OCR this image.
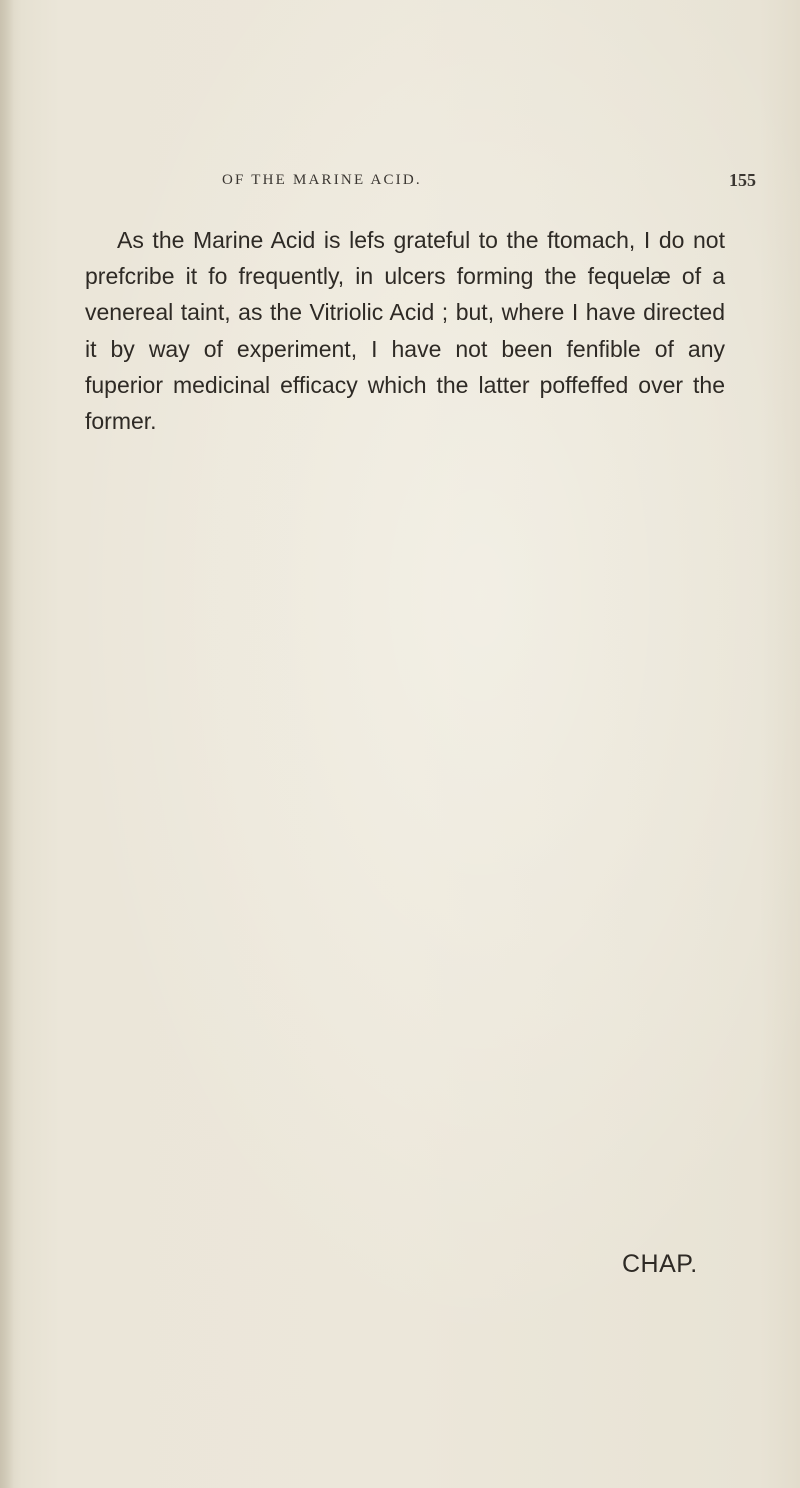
OF THE MARINE ACID.	155

As the Marine Acid is lefs grateful to the ftomach, I do not prefcribe it fo frequently, in ulcers forming the fequelæ of a venereal taint, as the Vitriolic Acid ; but, where I have directed it by way of experiment, I have not been fenfible of any fuperior medicinal efficacy which the latter poffeffed over the former.

CHAP.
